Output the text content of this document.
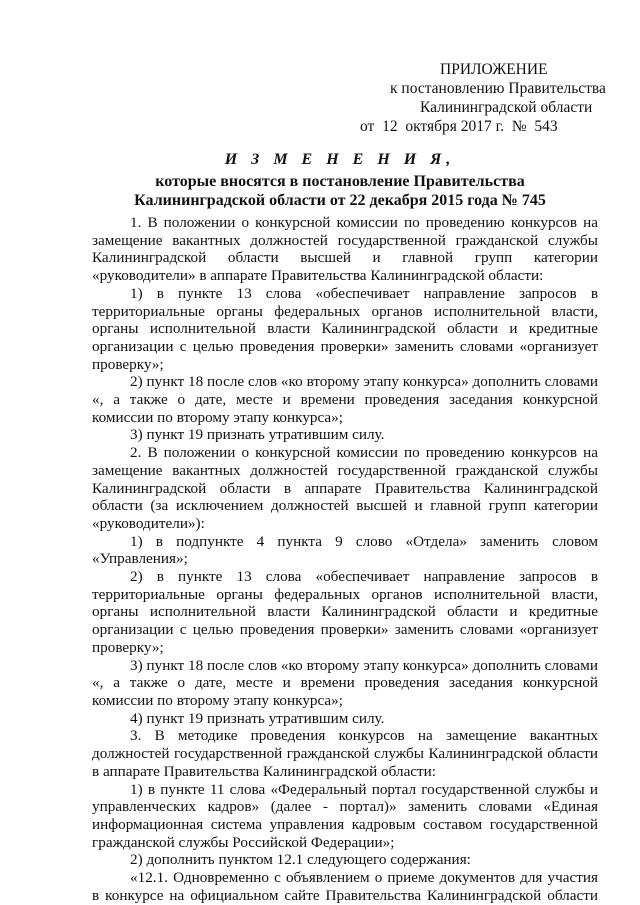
ПРИЛОЖЕНИЕ
к постановлению Правительства
Калининградской области
от  12  октября 2017 г.  №  543
И З М Е Н Е Н И Я,
которые вносятся в постановление Правительства
Калининградской области от 22 декабря 2015 года № 745

1. В положении о конкурсной комиссии по проведению конкурсов на замещение вакантных должностей государственной гражданской службы Калининградской области высшей и главной групп категории «руководители» в аппарате Правительства Калининградской области:

1) в пункте 13 слова «обеспечивает направление запросов в территориальные органы федеральных органов исполнительной власти, органы исполнительной власти Калининградской области и кредитные организации с целью проведения проверки» заменить словами «организует проверку»;

2) пункт 18 после слов «ко второму этапу конкурса» дополнить словами «, а также о дате, месте и времени проведения заседания конкурсной комиссии по второму этапу конкурса»;

3) пункт 19 признать утратившим силу.

2. В положении о конкурсной комиссии по проведению конкурсов на замещение вакантных должностей государственной гражданской службы Калининградской области в аппарате Правительства Калининградской области (за исключением должностей высшей и главной групп категории «руководители»):

1) в подпункте 4 пункта 9 слово «Отдела» заменить словом «Управления»;

2) в пункте 13 слова «обеспечивает направление запросов в территориальные органы федеральных органов исполнительной власти, органы исполнительной власти Калининградской области и кредитные организации с целью проведения проверки» заменить словами «организует проверку»;

3) пункт 18 после слов «ко второму этапу конкурса» дополнить словами «, а также о дате, месте и времени проведения заседания конкурсной комиссии по второму этапу конкурса»;

4) пункт 19 признать утратившим силу.

3. В методике проведения конкурсов на замещение вакантных должностей государственной гражданской службы Калининградской области в аппарате Правительства Калининградской области:

1) в пункте 11 слова «Федеральный портал государственной службы и управленческих кадров» (далее - портал)» заменить словами «Единая информационная система управления кадровым составом государственной гражданской службы Российской Федерации»;

2) дополнить пунктом 12.1 следующего содержания:

«12.1. Одновременно с объявлением о приеме документов для участия в конкурсе на официальном сайте Правительства Калининградской области
